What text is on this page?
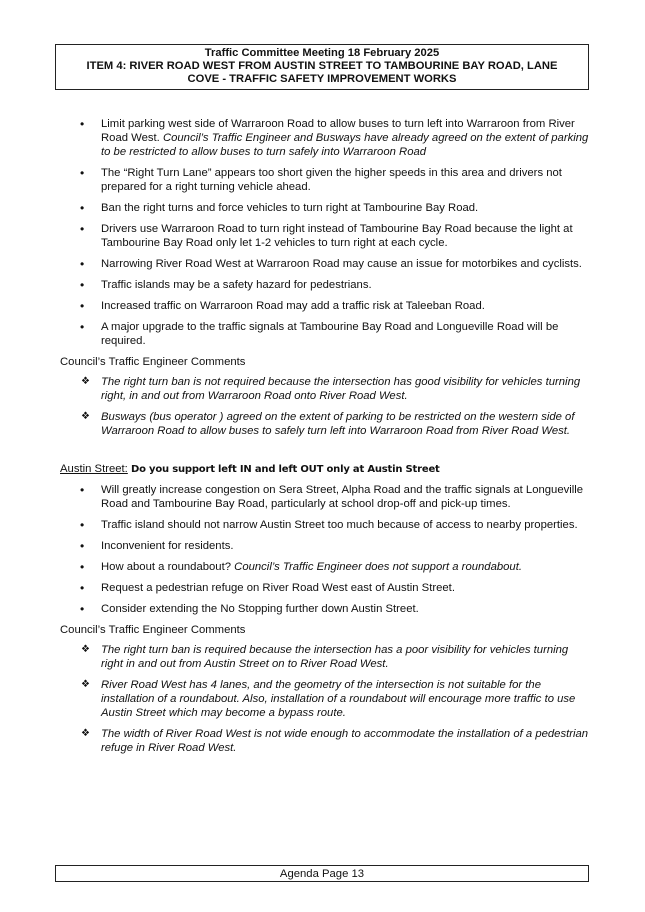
Traffic Committee Meeting 18 February 2025
ITEM 4: RIVER ROAD WEST FROM AUSTIN STREET TO TAMBOURINE BAY ROAD, LANE
COVE - TRAFFIC SAFETY IMPROVEMENT WORKS
• Limit parking west side of Warraroon Road to allow buses to turn left into Warraroon from River Road West. Council’s Traffic Engineer and Busways have already agreed on the extent of parking to be restricted to allow buses to turn safely into Warraroon Road
• The “Right Turn Lane” appears too short given the higher speeds in this area and drivers not prepared for a right turning vehicle ahead.
• Ban the right turns and force vehicles to turn right at Tambourine Bay Road.
• Drivers use Warraroon Road to turn right instead of Tambourine Bay Road because the light at Tambourine Bay Road only let 1-2 vehicles to turn right at each cycle.
• Narrowing River Road West at Warraroon Road may cause an issue for motorbikes and cyclists.
• Traffic islands may be a safety hazard for pedestrians.
• Increased traffic on Warraroon Road may add a traffic risk at Taleeban Road.
• A major upgrade to the traffic signals at Tambourine Bay Road and Longueville Road will be required.
Council’s Traffic Engineer Comments
❖ The right turn ban is not required because the intersection has good visibility for vehicles turning right, in and out from Warraroon Road onto River Road West.
❖ Busways (bus operator ) agreed on the extent of parking to be restricted on the western side of Warraroon Road to allow buses to safely turn left into Warraroon Road from River Road West.
Austin Street: Do you support left IN and left OUT only at Austin Street
• Will greatly increase congestion on Sera Street, Alpha Road and the traffic signals at Longueville Road and Tambourine Bay Road, particularly at school drop-off and pick-up times.
• Traffic island should not narrow Austin Street too much because of access to nearby properties.
• Inconvenient for residents.
• How about a roundabout? Council’s Traffic Engineer does not support a roundabout.
• Request a pedestrian refuge on River Road West east of Austin Street.
• Consider extending the No Stopping further down Austin Street.
Council’s Traffic Engineer Comments
❖ The right turn ban is required because the intersection has a poor visibility for vehicles turning right in and out from Austin Street on to River Road West.
❖ River Road West has 4 lanes, and the geometry of the intersection is not suitable for the installation of a roundabout. Also, installation of a roundabout will encourage more traffic to use Austin Street which may become a bypass route.
❖ The width of River Road West is not wide enough to accommodate the installation of a pedestrian refuge in River Road West.
Agenda Page 13
